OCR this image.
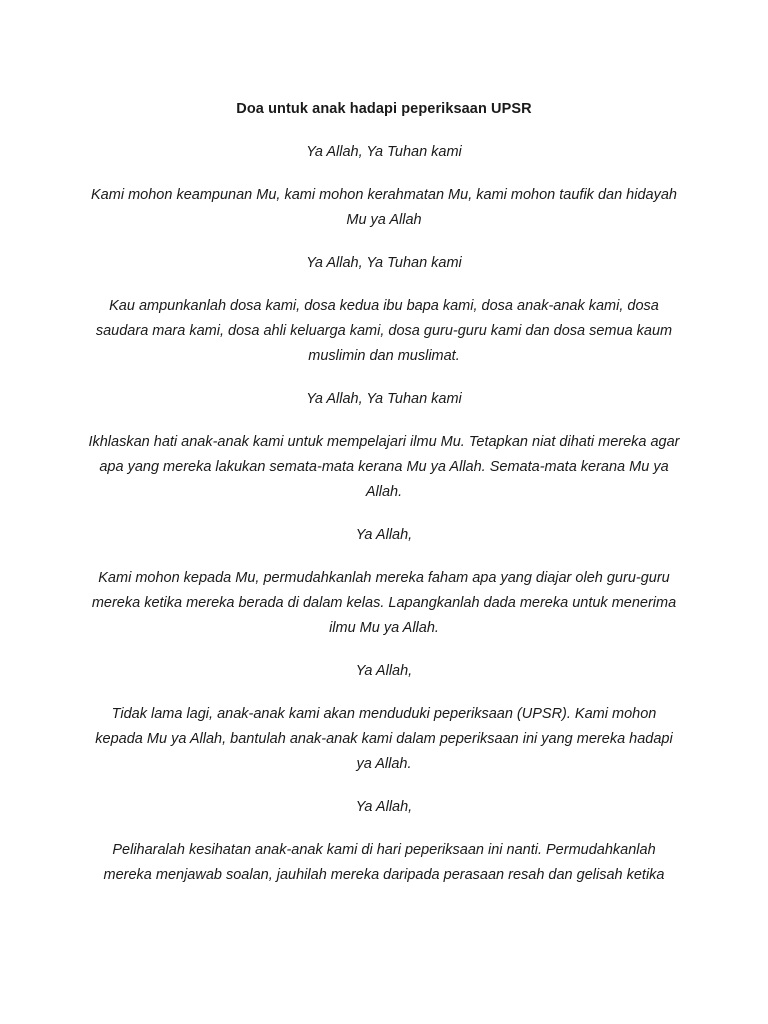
Doa untuk anak hadapi peperiksaan UPSR

Ya Allah, Ya Tuhan kami

Kami mohon keampunan Mu, kami mohon kerahmatan Mu, kami mohon taufik dan hidayah Mu ya Allah

Ya Allah, Ya Tuhan kami

Kau ampunkanlah dosa kami, dosa kedua ibu bapa kami, dosa anak-anak kami, dosa saudara mara kami, dosa ahli keluarga kami, dosa guru-guru kami dan dosa semua kaum muslimin dan muslimat.

Ya Allah, Ya Tuhan kami

Ikhlaskan hati anak-anak kami untuk mempelajari ilmu Mu. Tetapkan niat dihati mereka agar apa yang mereka lakukan semata-mata kerana Mu ya Allah. Semata-mata kerana Mu ya Allah.

Ya Allah,

Kami mohon kepada Mu, permudahkanlah mereka faham apa yang diajar oleh guru-guru mereka ketika mereka berada di dalam kelas. Lapangkanlah dada mereka untuk menerima ilmu Mu ya Allah.

Ya Allah,

Tidak lama lagi, anak-anak kami akan menduduki peperiksaan (UPSR). Kami mohon kepada Mu ya Allah, bantulah anak-anak kami dalam peperiksaan ini yang mereka hadapi ya Allah.

Ya Allah,

Peliharalah kesihatan anak-anak kami di hari peperiksaan ini nanti. Permudahkanlah mereka menjawab soalan, jauhilah mereka daripada perasaan resah dan gelisah ketika
